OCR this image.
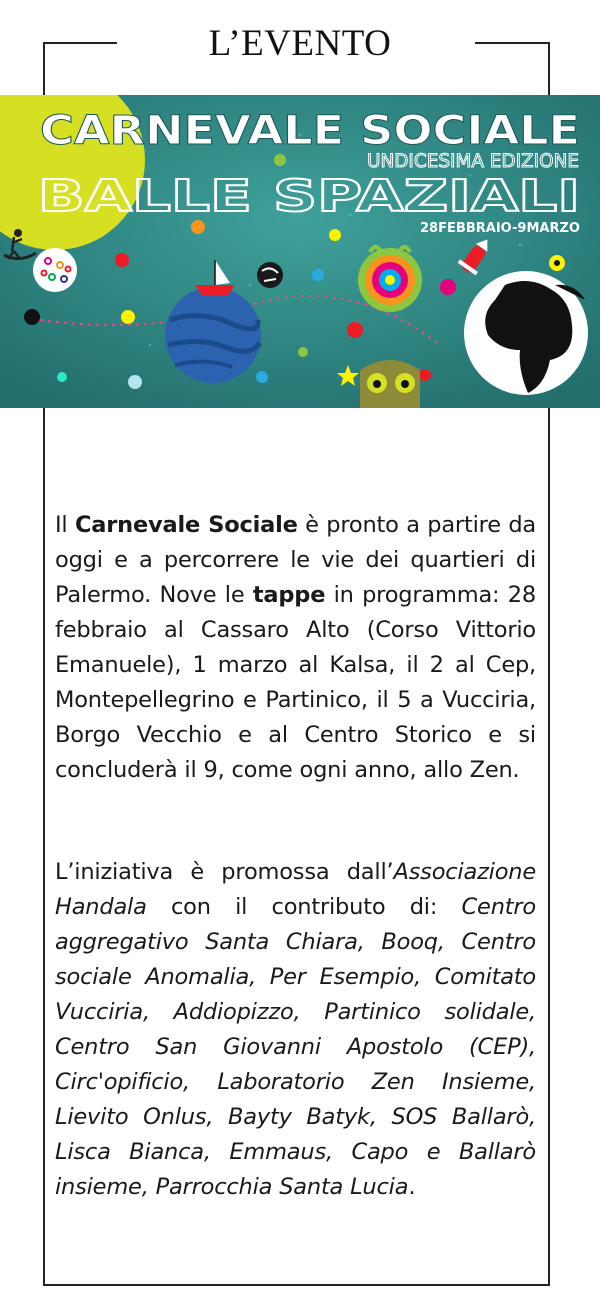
L’EVENTO
CARNEVALE SOCIALE
UNDICESIMA EDIZIONE
BALLE SPAZIALI
28FEBBRAIO-9MARZO
Il Carnevale Sociale è pronto a partire da oggi e a percorrere le vie dei quartieri di Palermo. Nove le tappe in programma: 28 febbraio al Cassaro Alto (Corso Vittorio Emanuele), 1 marzo al Kalsa, il 2 al Cep, Montepellegrino e Partinico, il 5 a Vucciria, Borgo Vecchio e al Centro Storico e si concluderà il 9, come ogni anno, allo Zen.
L’iniziativa è promossa dall’Associazione Handala con il contributo di: Centro aggregativo Santa Chiara, Booq, Centro sociale Anomalia, Per Esempio, Comitato Vucciria, Addiopizzo, Partinico solidale, Centro San Giovanni Apostolo (CEP), Circ'opificio, Laboratorio Zen Insieme, Lievito Onlus, Bayty Batyk, SOS Ballarò, Lisca Bianca, Emmaus, Capo e Ballarò insieme, Parrocchia Santa Lucia.
